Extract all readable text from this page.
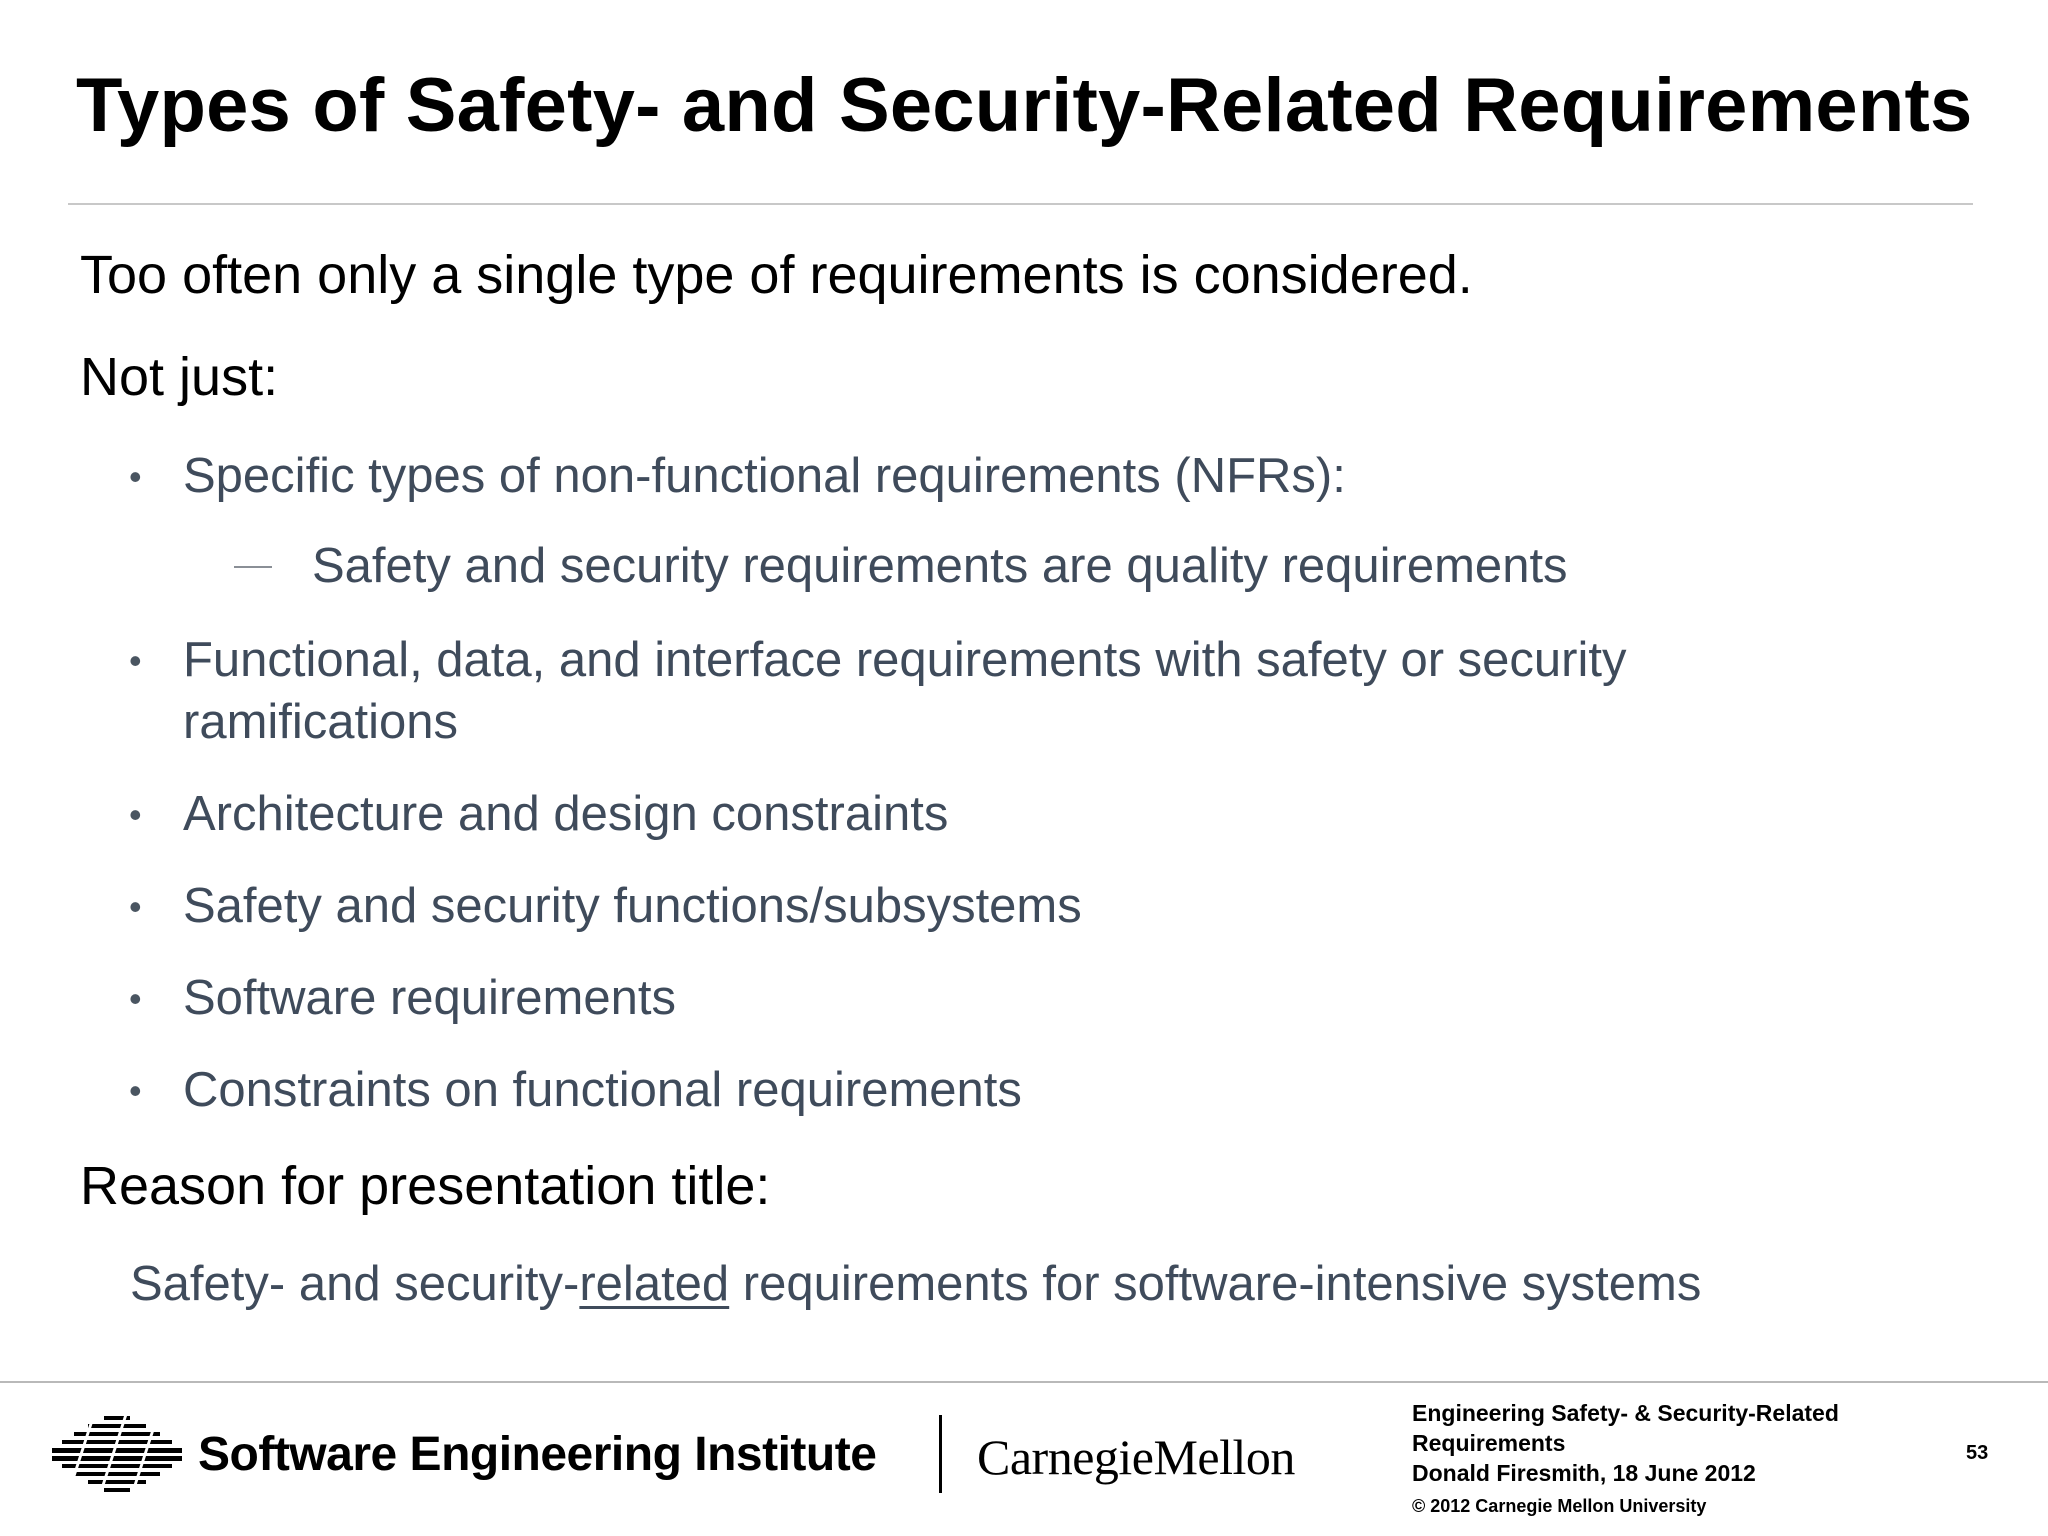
Types of Safety- and Security-Related Requirements
Too often only a single type of requirements is considered.
Not just:
• Specific types of non-functional requirements (NFRs):
Safety and security requirements are quality requirements
• Functional, data, and interface requirements with safety or security
ramifications
• Architecture and design constraints
• Safety and security functions/subsystems
• Software requirements
• Constraints on functional requirements
Reason for presentation title:
Safety- and security-related requirements for software-intensive systems
Software Engineering Institute CarnegieMellon
Engineering Safety- & Security-Related
Requirements
Donald Firesmith, 18 June 2012
© 2012 Carnegie Mellon University
53
